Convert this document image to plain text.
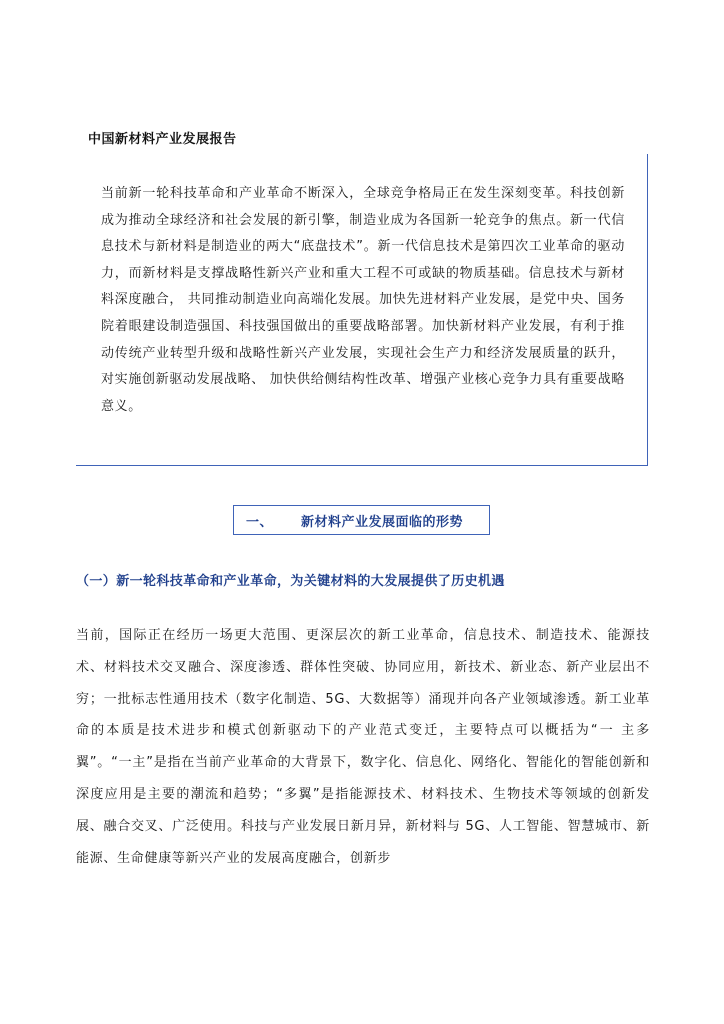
中国新材料产业发展报告

当前新一轮科技革命和产业革命不断深入，全球竞争格局正在发生深刻变革。科技创新成为推动全球经济和社会发展的新引擎，制造业成为各国新一轮竞争的焦点。新一代信息技术与新材料是制造业的两大“底盘技术”。新一代信息技术是第四次工业革命的驱动力，而新材料是支撑战略性新兴产业和重大工程不可或缺的物质基础。信息技术与新材料深度融合， 共同推动制造业向高端化发展。加快先进材料产业发展，是党中央、国务院着眼建设制造强国、科技强国做出的重要战略部署。加快新材料产业发展，有利于推动传统产业转型升级和战略性新兴产业发展，实现社会生产力和经济发展质量的跃升，对实施创新驱动发展战略、 加快供给侧结构性改革、增强产业核心竞争力具有重要战略意义。

一、 新材料产业发展面临的形势
（一）新一轮科技革命和产业革命，为关键材料的大发展提供了历史机遇

当前，国际正在经历一场更大范围、更深层次的新工业革命，信息技术、制造技术、能源技术、材料技术交叉融合、深度渗透、群体性突破、协同应用，新技术、新业态、新产业层出不穷；一批标志性通用技术（数字化制造、5G、大数据等）涌现并向各产业领域渗透。新工业革命的本质是技术进步和模式创新驱动下的产业范式变迁，主要特点可以概括为“一 主多翼”。“一主”是指在当前产业革命的大背景下，数字化、信息化、网络化、智能化的智能创新和深度应用是主要的潮流和趋势；“多翼”是指能源技术、材料技术、生物技术等领域的创新发展、融合交叉、广泛使用。科技与产业发展日新月异，新材料与 5G、人工智能、智慧城市、新能源、生命健康等新兴产业的发展高度融合，创新步
